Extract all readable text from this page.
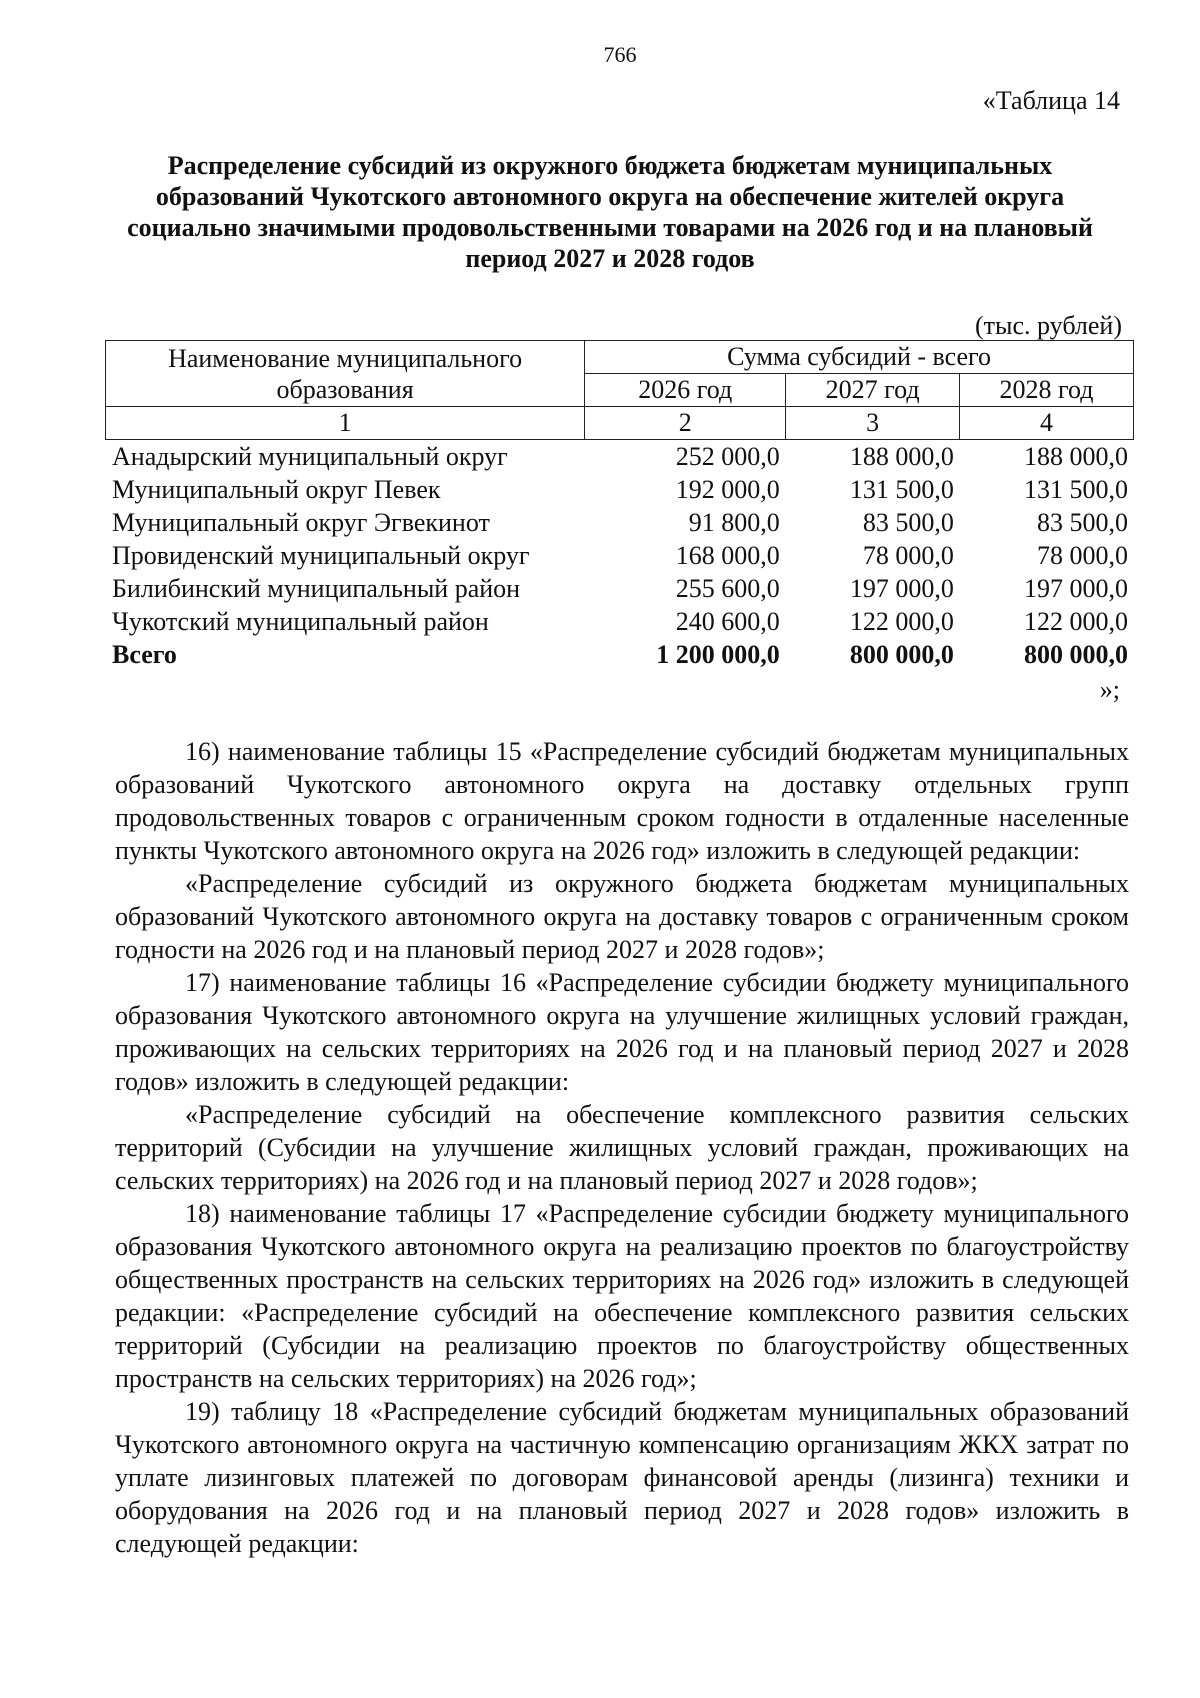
766
«Таблица 14
Распределение субсидий из окружного бюджета бюджетам муниципальных образований Чукотского автономного округа на обеспечение жителей округа социально значимыми продовольственными товарами на 2026 год и на плановый период 2027 и 2028 годов
(тыс. рублей)
Наименование муниципального образования	Сумма субсидий - всего		
	2026 год	2027 год	2028 год
1	2	3	4
Анадырский муниципальный округ	252 000,0	188 000,0	188 000,0
Муниципальный округ Певек	192 000,0	131 500,0	131 500,0
Муниципальный округ Эгвекинот	91 800,0	83 500,0	83 500,0
Провиденский муниципальный округ	168 000,0	78 000,0	78 000,0
Билибинский муниципальный район	255 600,0	197 000,0	197 000,0
Чукотский муниципальный район	240 600,0	122 000,0	122 000,0
Всего	1 200 000,0	800 000,0	800 000,0
»;

16) наименование таблицы 15 «Распределение субсидий бюджетам муниципальных образований Чукотского автономного округа на доставку отдельных групп продовольственных товаров с ограниченным сроком годности в отдаленные населенные пункты Чукотского автономного округа на 2026 год» изложить в следующей редакции:

«Распределение субсидий из окружного бюджета бюджетам муниципальных образований Чукотского автономного округа на доставку товаров с ограниченным сроком годности на 2026 год и на плановый период 2027 и 2028 годов»;

17) наименование таблицы 16 «Распределение субсидии бюджету муниципального образования Чукотского автономного округа на улучшение жилищных условий граждан, проживающих на сельских территориях на 2026 год и на плановый период 2027 и 2028 годов» изложить в следующей редакции:

«Распределение субсидий на обеспечение комплексного развития сельских территорий (Субсидии на улучшение жилищных условий граждан, проживающих на сельских территориях) на 2026 год и на плановый период 2027 и 2028 годов»;

18) наименование таблицы 17 «Распределение субсидии бюджету муниципального образования Чукотского автономного округа на реализацию проектов по благоустройству общественных пространств на сельских территориях на 2026 год» изложить в следующей редакции: «Распределение субсидий на обеспечение комплексного развития сельских территорий (Субсидии на реализацию проектов по благоустройству общественных пространств на сельских территориях) на 2026 год»;

19) таблицу 18 «Распределение субсидий бюджетам муниципальных образований Чукотского автономного округа на частичную компенсацию организациям ЖКХ затрат по уплате лизинговых платежей по договорам финансовой аренды (лизинга) техники и оборудования на 2026 год и на плановый период 2027 и 2028 годов» изложить в следующей редакции:
